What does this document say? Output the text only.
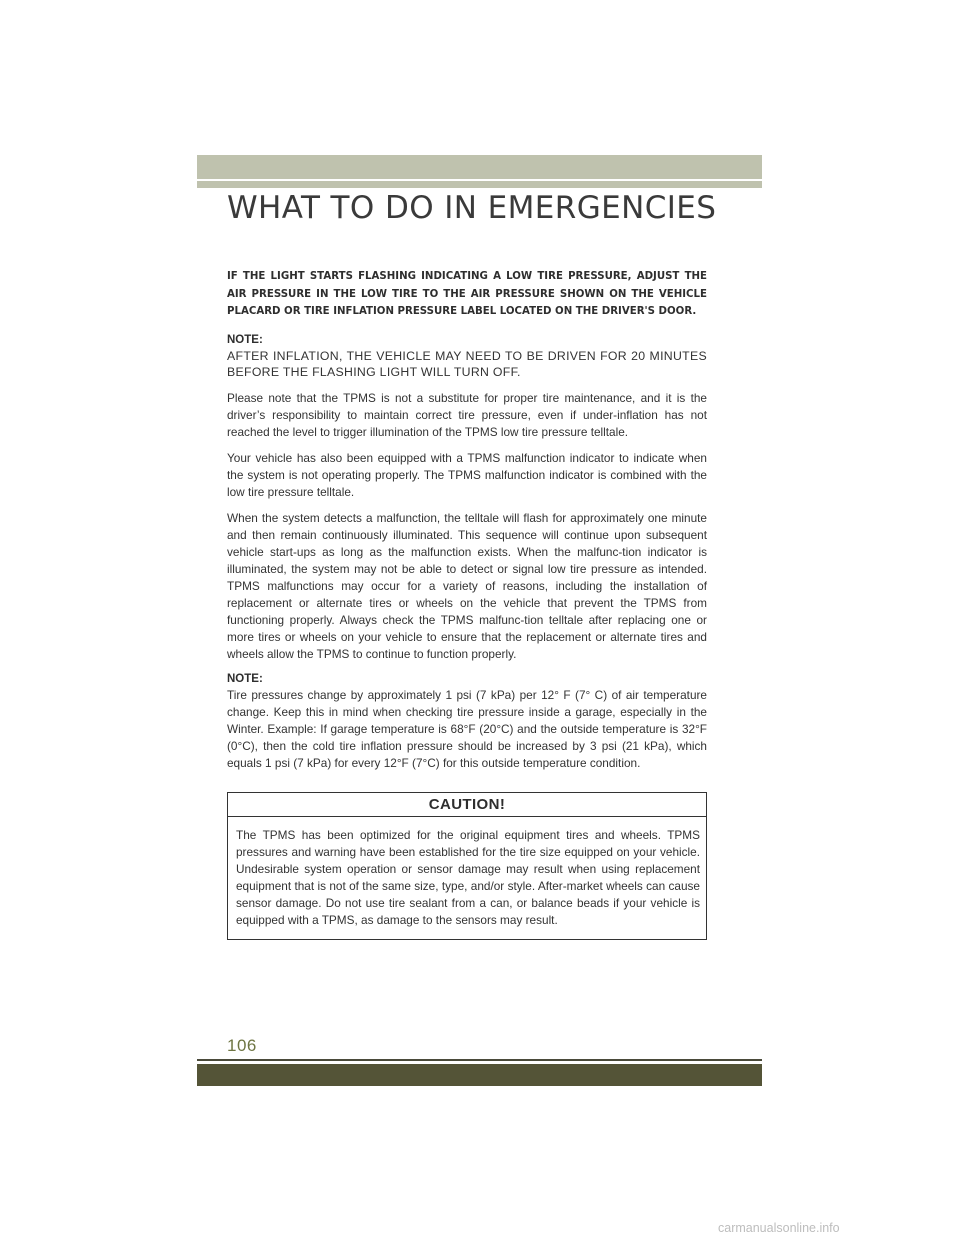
WHAT TO DO IN EMERGENCIES

IF THE LIGHT STARTS FLASHING INDICATING A LOW TIRE PRESSURE, ADJUST THE AIR PRESSURE IN THE LOW TIRE TO THE AIR PRESSURE SHOWN ON THE VEHICLE PLACARD OR TIRE INFLATION PRESSURE LABEL LOCATED ON THE DRIVER'S DOOR.

NOTE:

AFTER INFLATION, THE VEHICLE MAY NEED TO BE DRIVEN FOR 20 MINUTES BEFORE THE FLASHING LIGHT WILL TURN OFF.

Please note that the TPMS is not a substitute for proper tire maintenance, and it is the driver’s responsibility to maintain correct tire pressure, even if under-inflation has not reached the level to trigger illumination of the TPMS low tire pressure telltale.

Your vehicle has also been equipped with a TPMS malfunction indicator to indicate when the system is not operating properly. The TPMS malfunction indicator is combined with the low tire pressure telltale.

When the system detects a malfunction, the telltale will flash for approximately one minute and then remain continuously illuminated. This sequence will continue upon subsequent vehicle start-ups as long as the malfunction exists. When the malfunc-tion indicator is illuminated, the system may not be able to detect or signal low tire pressure as intended. TPMS malfunctions may occur for a variety of reasons, including the installation of replacement or alternate tires or wheels on the vehicle that prevent the TPMS from functioning properly. Always check the TPMS malfunc-tion telltale after replacing one or more tires or wheels on your vehicle to ensure that the replacement or alternate tires and wheels allow the TPMS to continue to function properly.

NOTE:

Tire pressures change by approximately 1 psi (7 kPa) per 12° F (7° C) of air temperature change. Keep this in mind when checking tire pressure inside a garage, especially in the Winter. Example: If garage temperature is 68°F (20°C) and the outside temperature is 32°F (0°C), then the cold tire inflation pressure should be increased by 3 psi (21 kPa), which equals 1 psi (7 kPa) for every 12°F (7°C) for this outside temperature condition.

CAUTION!

The TPMS has been optimized for the original equipment tires and wheels. TPMS pressures and warning have been established for the tire size equipped on your vehicle. Undesirable system operation or sensor damage may result when using replacement equipment that is not of the same size, type, and/or style. After-market wheels can cause sensor damage. Do not use tire sealant from a can, or balance beads if your vehicle is equipped with a TPMS, as damage to the sensors may result.

106
carmanualsonline.info
